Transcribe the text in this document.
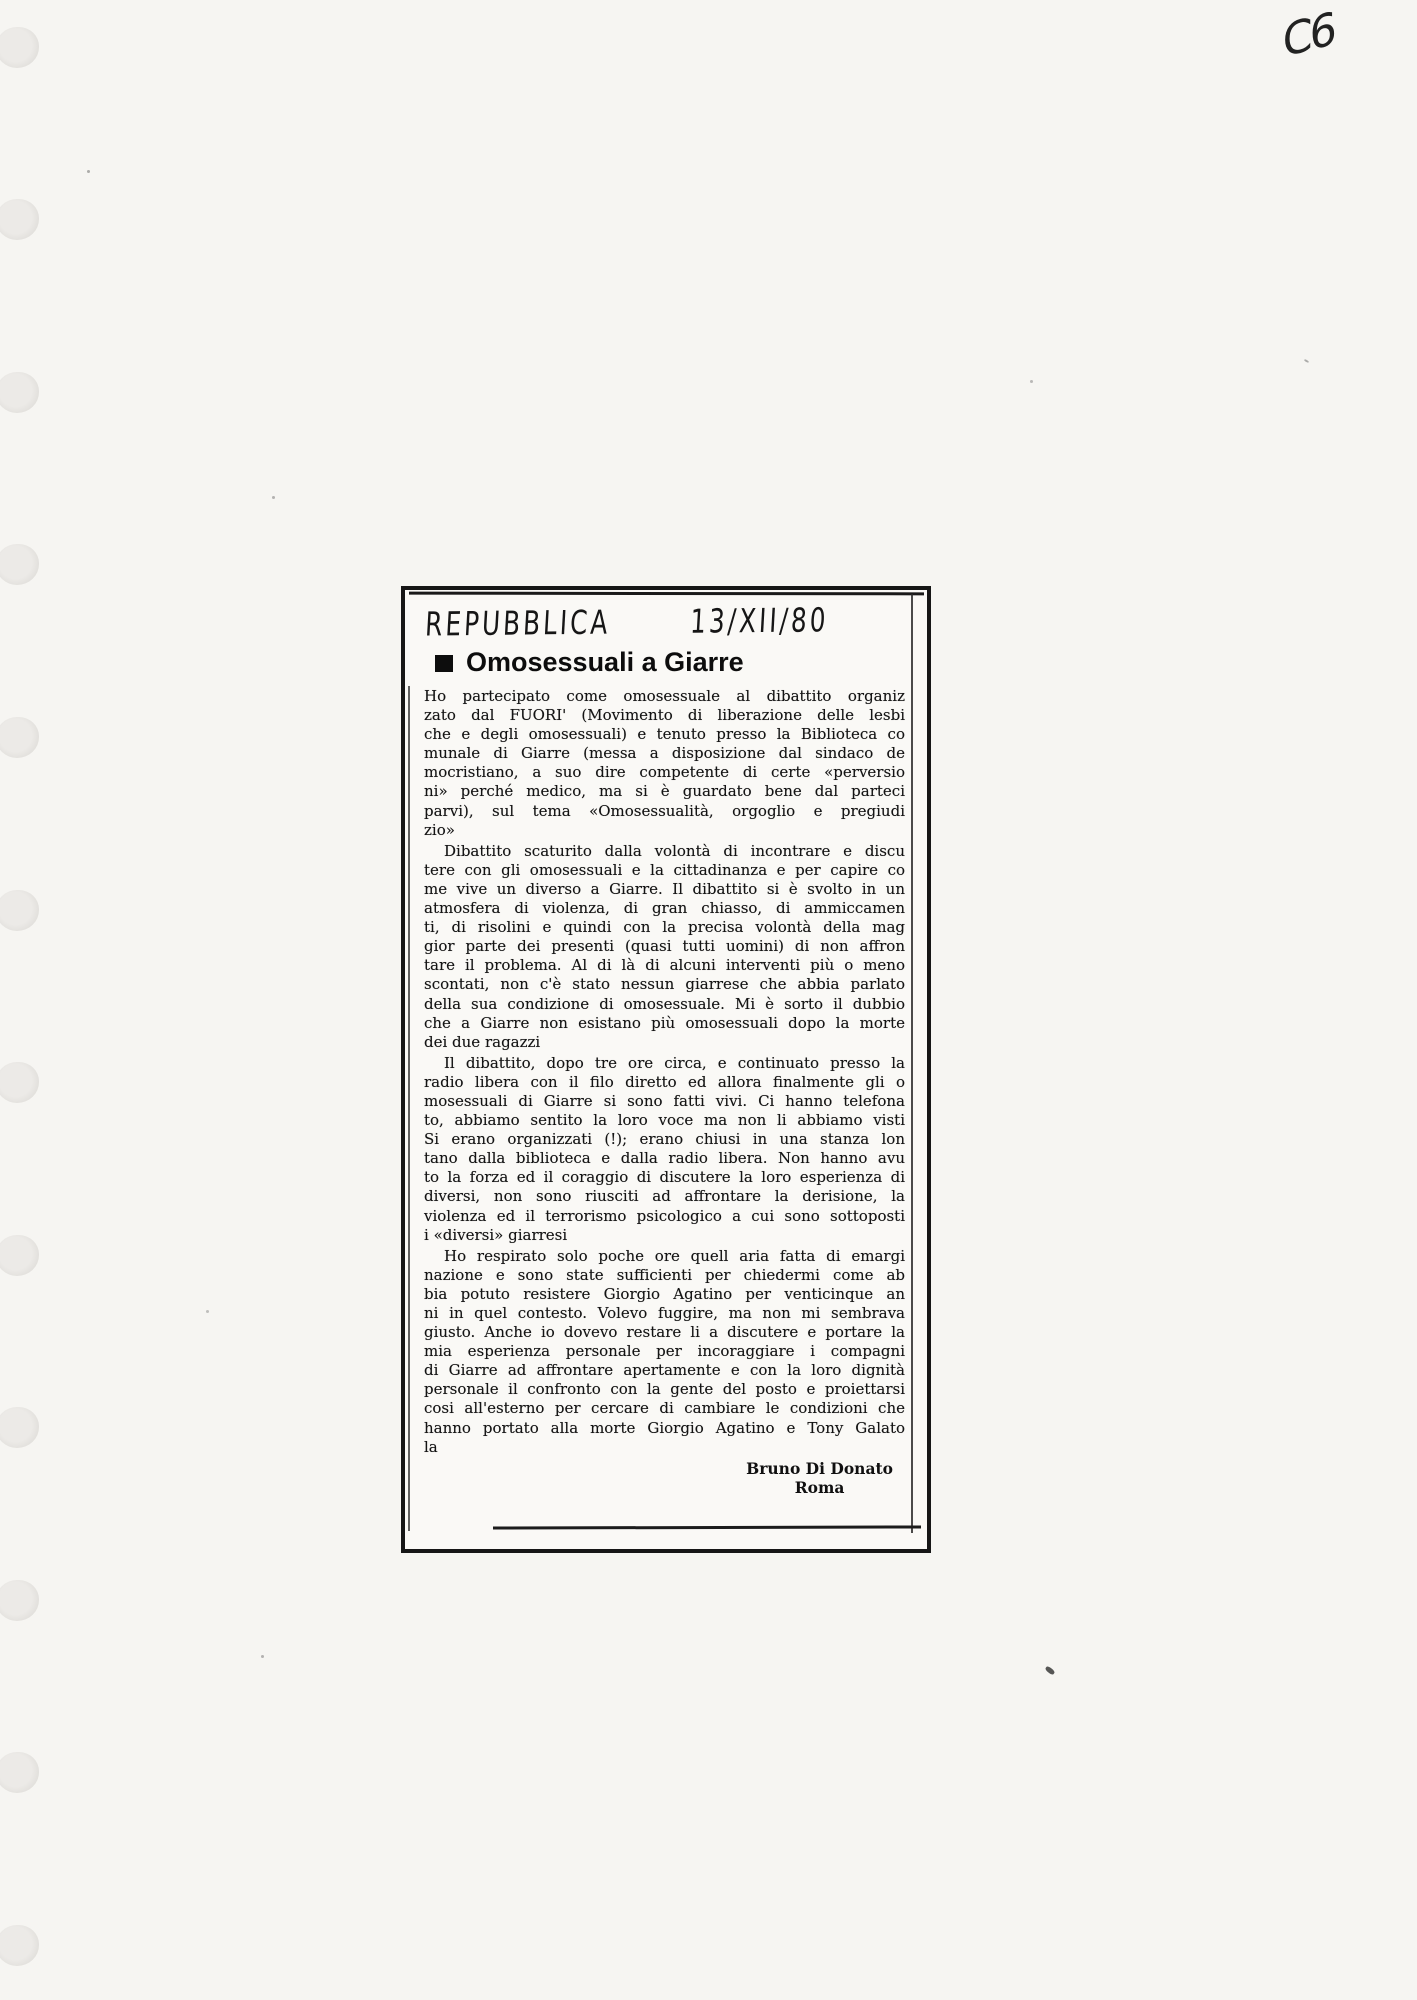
C6
REPUBBLICA 13/XII/80
Omosessuali a Giarre
Ho partecipato come omosessuale al dibattito organiz
zato dal FUORI' (Movimento di liberazione delle lesbi
che e degli omosessuali) e tenuto presso la Biblioteca co
munale di Giarre (messa a disposizione dal sindaco de
mocristiano, a suo dire competente di certe «perversio
ni» perché medico, ma si è guardato bene dal parteci
parvi), sul tema «Omosessualità, orgoglio e pregiudi
zio»
Dibattito scaturito dalla volontà di incontrare e discu
tere con gli omosessuali e la cittadinanza e per capire co
me vive un diverso a Giarre. Il dibattito si è svolto in un
atmosfera di violenza, di gran chiasso, di ammiccamen
ti, di risolini e quindi con la precisa volontà della mag
gior parte dei presenti (quasi tutti uomini) di non affron
tare il problema. Al di là di alcuni interventi più o meno
scontati, non c'è stato nessun giarrese che abbia parlato
della sua condizione di omosessuale. Mi è sorto il dubbio
che a Giarre non esistano più omosessuali dopo la morte
dei due ragazzi
Il dibattito, dopo tre ore circa, e continuato presso la
radio libera con il filo diretto ed allora finalmente gli o
mosessuali di Giarre si sono fatti vivi. Ci hanno telefona
to, abbiamo sentito la loro voce ma non li abbiamo visti
Si erano organizzati (!); erano chiusi in una stanza lon
tano dalla biblioteca e dalla radio libera. Non hanno avu
to la forza ed il coraggio di discutere la loro esperienza di
diversi, non sono riusciti ad affrontare la derisione, la
violenza ed il terrorismo psicologico a cui sono sottoposti
i «diversi» giarresi
Ho respirato solo poche ore quell aria fatta di emargi
nazione e sono state sufficienti per chiedermi come ab
bia potuto resistere Giorgio Agatino per venticinque an
ni in quel contesto. Volevo fuggire, ma non mi sembrava
giusto. Anche io dovevo restare li a discutere e portare la
mia esperienza personale per incoraggiare i compagni
di Giarre ad affrontare apertamente e con la loro dignità
personale il confronto con la gente del posto e proiettarsi
cosi all'esterno per cercare di cambiare le condizioni che
hanno portato alla morte Giorgio Agatino e Tony Galato
la
Bruno Di Donato
Roma
